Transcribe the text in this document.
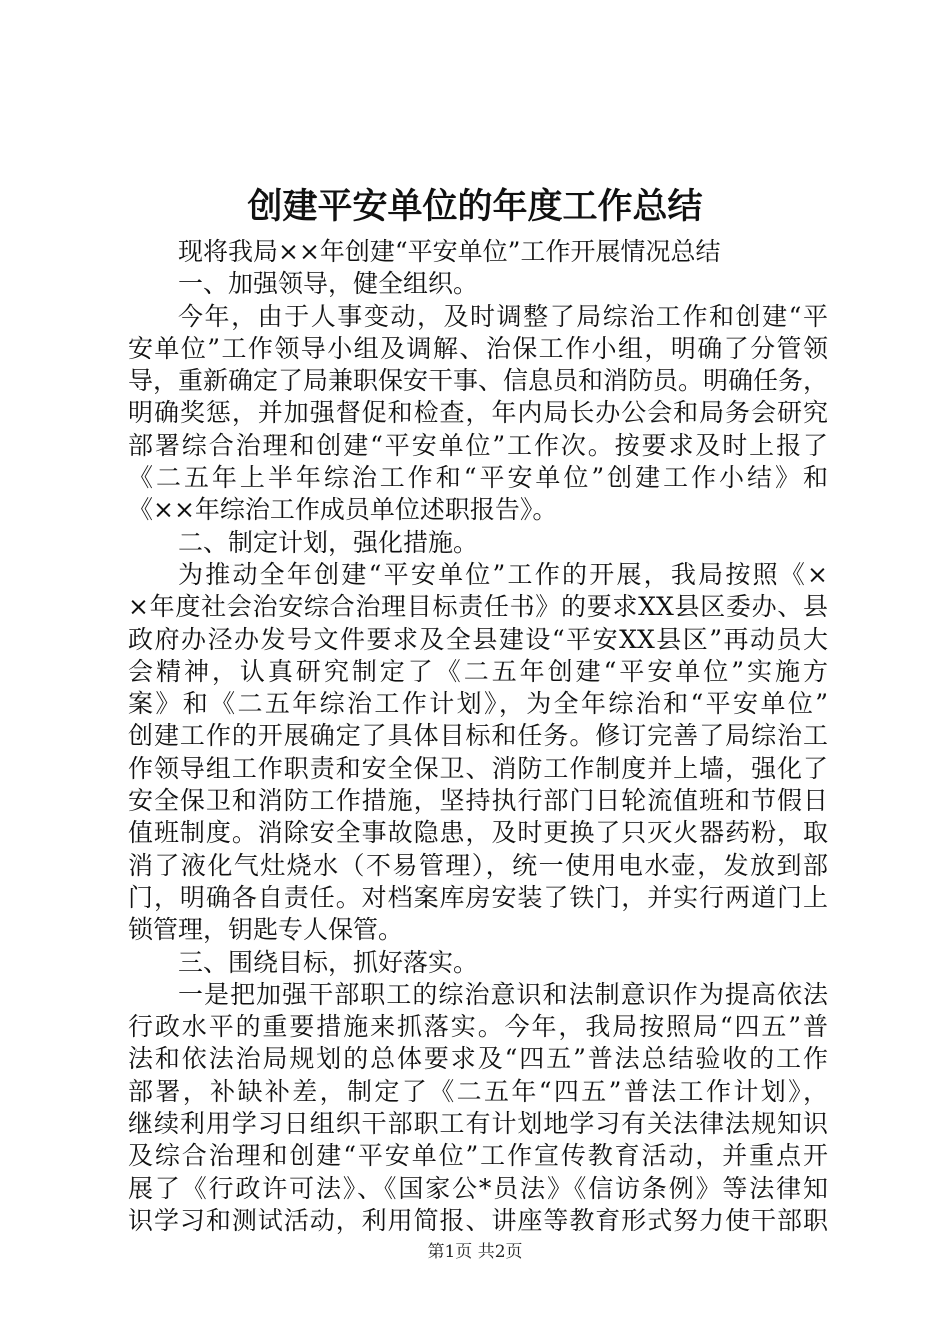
创建平安单位的年度工作总结
现将我局××年创建“平安单位”工作开展情况总结
一、加强领导，健全组织。
今年，由于人事变动，及时调整了局综治工作和创建“平
安单位”工作领导小组及调解、治保工作小组，明确了分管领
导，重新确定了局兼职保安干事、信息员和消防员。明确任务，
明确奖惩，并加强督促和检查，年内局长办公会和局务会研究
部署综合治理和创建“平安单位”工作次。按要求及时上报了
《二五年上半年综治工作和“平安单位”创建工作小结》和
《××年综治工作成员单位述职报告》。
二、制定计划，强化措施。
为推动全年创建“平安单位”工作的开展，我局按照《×
×年度社会治安综合治理目标责任书》的要求XX县区委办、县
政府办泾办发号文件要求及全县建设“平安XX县区”再动员大
会精神，认真研究制定了《二五年创建“平安单位”实施方
案》和《二五年综治工作计划》，为全年综治和“平安单位”
创建工作的开展确定了具体目标和任务。修订完善了局综治工
作领导组工作职责和安全保卫、消防工作制度并上墙，强化了
安全保卫和消防工作措施，坚持执行部门日轮流值班和节假日
值班制度。消除安全事故隐患，及时更换了只灭火器药粉，取
消了液化气灶烧水（不易管理），统一使用电水壶，发放到部
门，明确各自责任。对档案库房安装了铁门，并实行两道门上
锁管理，钥匙专人保管。
三、围绕目标，抓好落实。
一是把加强干部职工的综治意识和法制意识作为提高依法
行政水平的重要措施来抓落实。今年，我局按照局“四五”普
法和依法治局规划的总体要求及“四五”普法总结验收的工作
部署，补缺补差，制定了《二五年“四五”普法工作计划》，
继续利用学习日组织干部职工有计划地学习有关法律法规知识
及综合治理和创建“平安单位”工作宣传教育活动，并重点开
展了《行政许可法》、《国家公*员法》《信访条例》等法律知
识学习和测试活动，利用简报、讲座等教育形式努力使干部职
第1页 共2页
